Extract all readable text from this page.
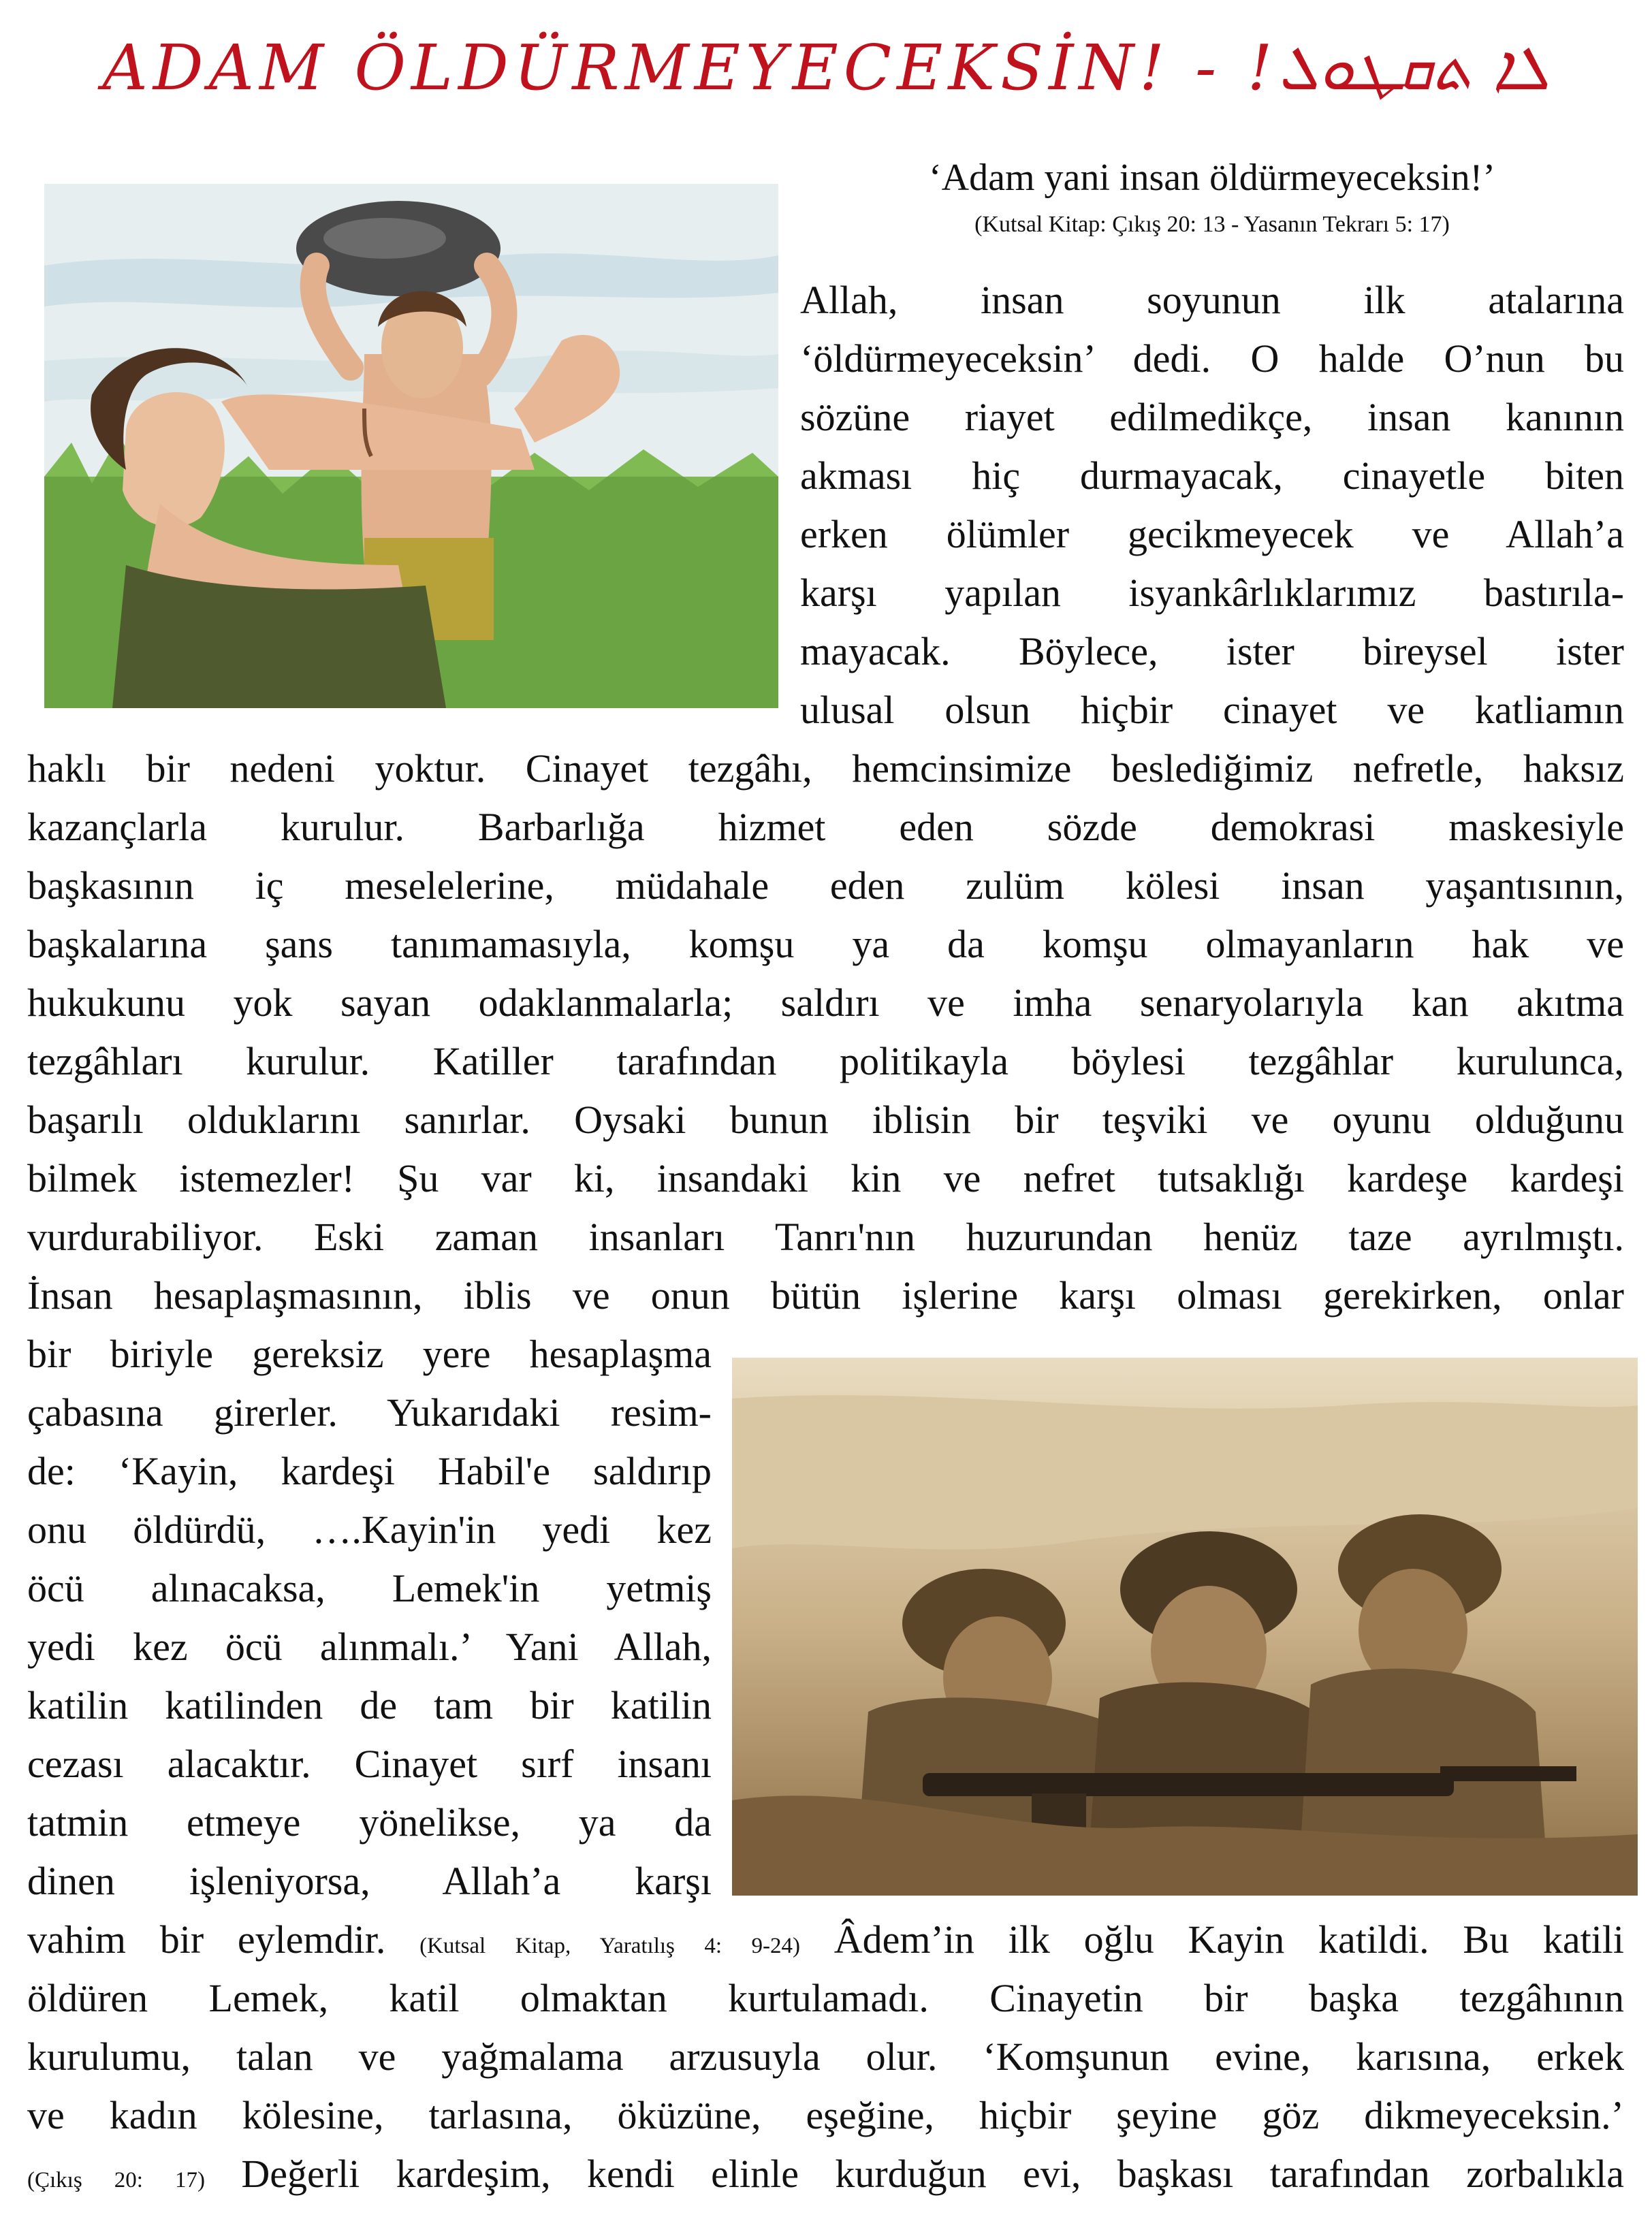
ADAM ÖLDÜRMEYECEKSİN! - !ܠܐ ܬܩܛܘܠ
‘Adam yani insan öldürmeyeceksin!’
(Kutsal Kitap: Çıkış 20: 13 - Yasanın Tekrarı 5: 17)

Allah, insan soyunun ilk atalarına

‘öldürmeyeceksin’ dedi. O halde O’nun bu

sözüne riayet edilmedikçe, insan kanının

akması hiç durmayacak, cinayetle biten

erken ölümler gecikmeyecek ve Allah’a

karşı yapılan isyankârlıklarımız bastırıla-

mayacak. Böylece, ister bireysel ister

ulusal olsun hiçbir cinayet ve katliamın

haklı bir nedeni yoktur. Cinayet tezgâhı, hemcinsimize beslediğimiz nefretle, haksız

kazançlarla kurulur. Barbarlığa hizmet eden sözde demokrasi maskesiyle

başkasının iç meselelerine, müdahale eden zulüm kölesi insan yaşantısının,

başkalarına şans tanımamasıyla, komşu ya da komşu olmayanların hak ve

hukukunu yok sayan odaklanmalarla; saldırı ve imha senaryolarıyla kan akıtma

tezgâhları kurulur. Katiller tarafından politikayla böylesi tezgâhlar kurulunca,

başarılı olduklarını sanırlar. Oysaki bunun iblisin bir teşviki ve oyunu olduğunu

bilmek istemezler! Şu var ki, insandaki kin ve nefret tutsaklığı kardeşe kardeşi

vurdurabiliyor. Eski zaman insanları Tanrı'nın huzurundan henüz taze ayrılmıştı.

İnsan hesaplaşmasının, iblis ve onun bütün işlerine karşı olması gerekirken, onlar

bir biriyle gereksiz yere hesaplaşma

çabasına girerler. Yukarıdaki resim-

de: ‘Kayin, kardeşi Habil'e saldırıp

onu öldürdü, ….Kayin'in yedi kez

öcü alınacaksa, Lemek'in yetmiş

yedi kez öcü alınmalı.’ Yani Allah,

katilin katilinden de tam bir katilin

cezası alacaktır. Cinayet sırf insanı

tatmin etmeye yönelikse, ya da

dinen işleniyorsa, Allah’a karşı

vahim bir eylemdir. (Kutsal Kitap, Yaratılış 4: 9-24) Âdem’in ilk oğlu Kayin katildi. Bu katili

öldüren Lemek, katil olmaktan kurtulamadı. Cinayetin bir başka tezgâhının

kurulumu, talan ve yağmalama arzusuyla olur. ‘Komşunun evine, karısına, erkek

ve kadın kölesine, tarlasına, öküzüne, eşeğine, hiçbir şeyine göz dikmeyeceksin.’

(Çıkış 20: 17) Değerli kardeşim, kendi elinle kurduğun evi, başkası tarafından zorbalıkla
